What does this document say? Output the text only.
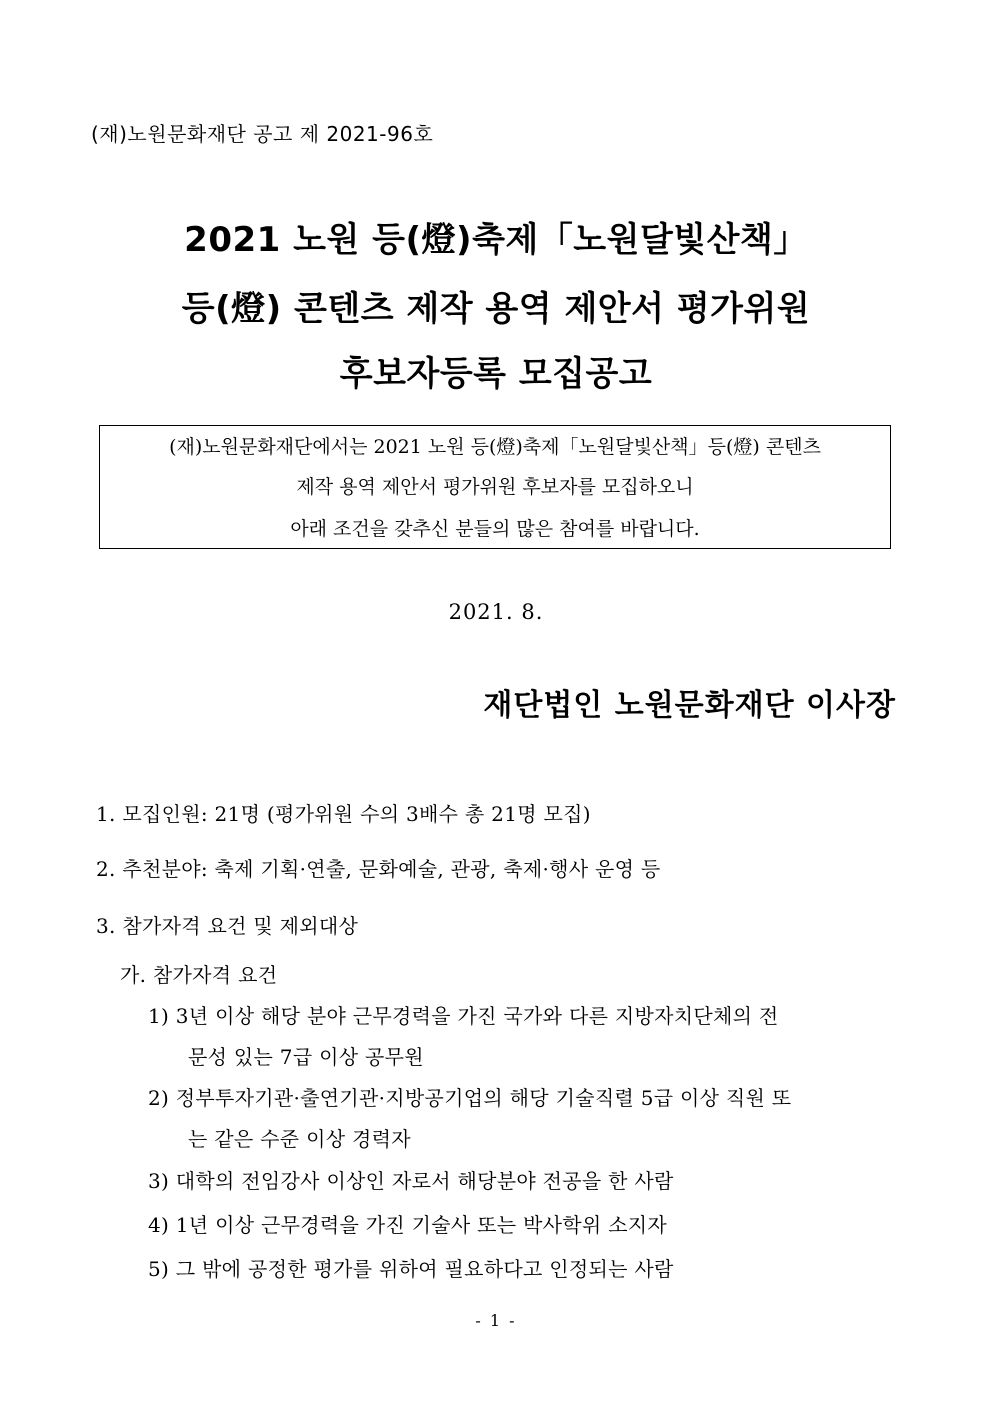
(재)노원문화재단 공고 제 2021-96호
2021 노원 등(燈)축제「노원달빛산책」
등(燈) 콘텐츠 제작 용역 제안서 평가위원
후보자등록 모집공고
(재)노원문화재단에서는 2021 노원 등(燈)축제「노원달빛산책」등(燈) 콘텐츠
제작 용역 제안서 평가위원 후보자를 모집하오니
아래 조건을 갖추신 분들의 많은 참여를 바랍니다.
2021. 8.
재단법인 노원문화재단 이사장
1. 모집인원: 21명 (평가위원 수의 3배수 총 21명 모집)
2. 추천분야: 축제 기획·연출, 문화예술, 관광, 축제·행사 운영 등
3. 참가자격 요건 및 제외대상
가. 참가자격 요건
1) 3년 이상 해당 분야 근무경력을 가진 국가와 다른 지방자치단체의 전
문성 있는 7급 이상 공무원
2) 정부투자기관·출연기관·지방공기업의 해당 기술직렬 5급 이상 직원 또
는 같은 수준 이상 경력자
3) 대학의 전임강사 이상인 자로서 해당분야 전공을 한 사람
4) 1년 이상 근무경력을 가진 기술사 또는 박사학위 소지자
5) 그 밖에 공정한 평가를 위하여 필요하다고 인정되는 사람
- 1 -
